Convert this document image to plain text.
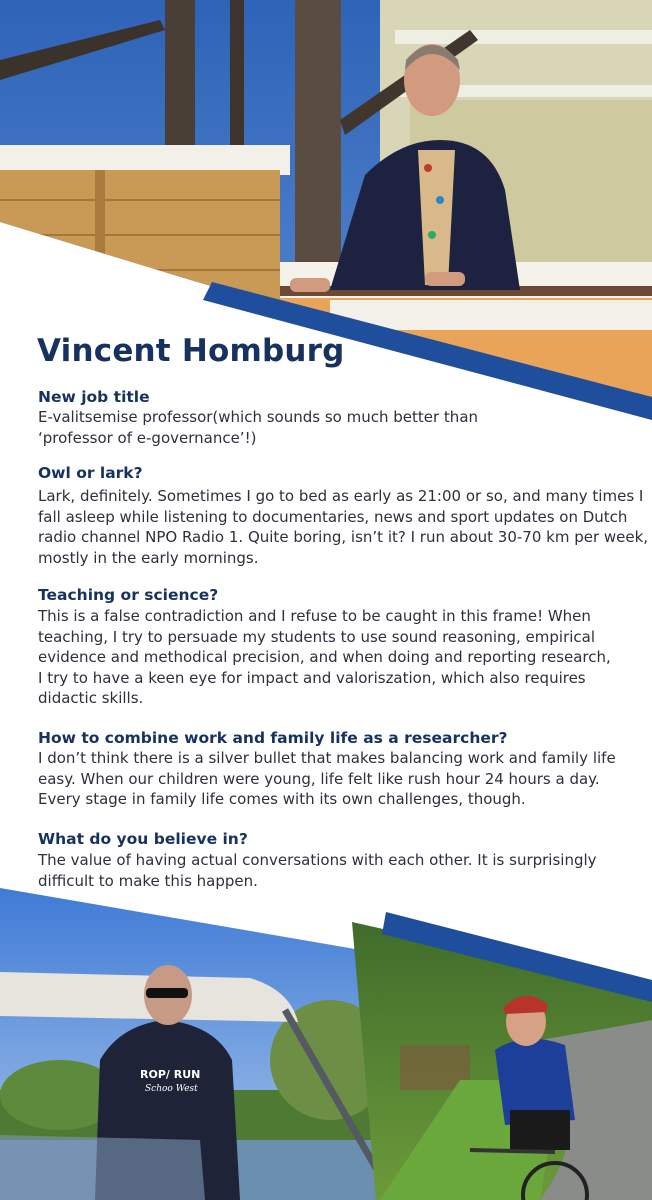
ROP/ RUN
Schoo West
Vincent Homburg

New job title

E-valitsemise professor(which sounds so much better than
‘professor of e-governance’!)

Owl or lark?

Lark, definitely. Sometimes I go to bed as early as 21:00 or so, and many times I
fall asleep while listening to documentaries, news and sport updates on Dutch
radio channel NPO Radio 1. Quite boring, isn’t it? I run about 30-70 km per week,
mostly in the early mornings.

Teaching or science?

This is a false contradiction and I refuse to be caught in this frame! When
teaching, I try to persuade my students to use sound reasoning, empirical
evidence and methodical precision, and when doing and reporting research,
I try to have a keen eye for impact and valoriszation, which also requires
didactic skills.

How to combine work and family life as a researcher?

I don’t think there is a silver bullet that makes balancing work and family life
easy. When our children were young, life felt like rush hour 24 hours a day.
Every stage in family life comes with its own challenges, though.

What do you believe in?

The value of having actual conversations with each other. It is surprisingly
difficult to make this happen.
